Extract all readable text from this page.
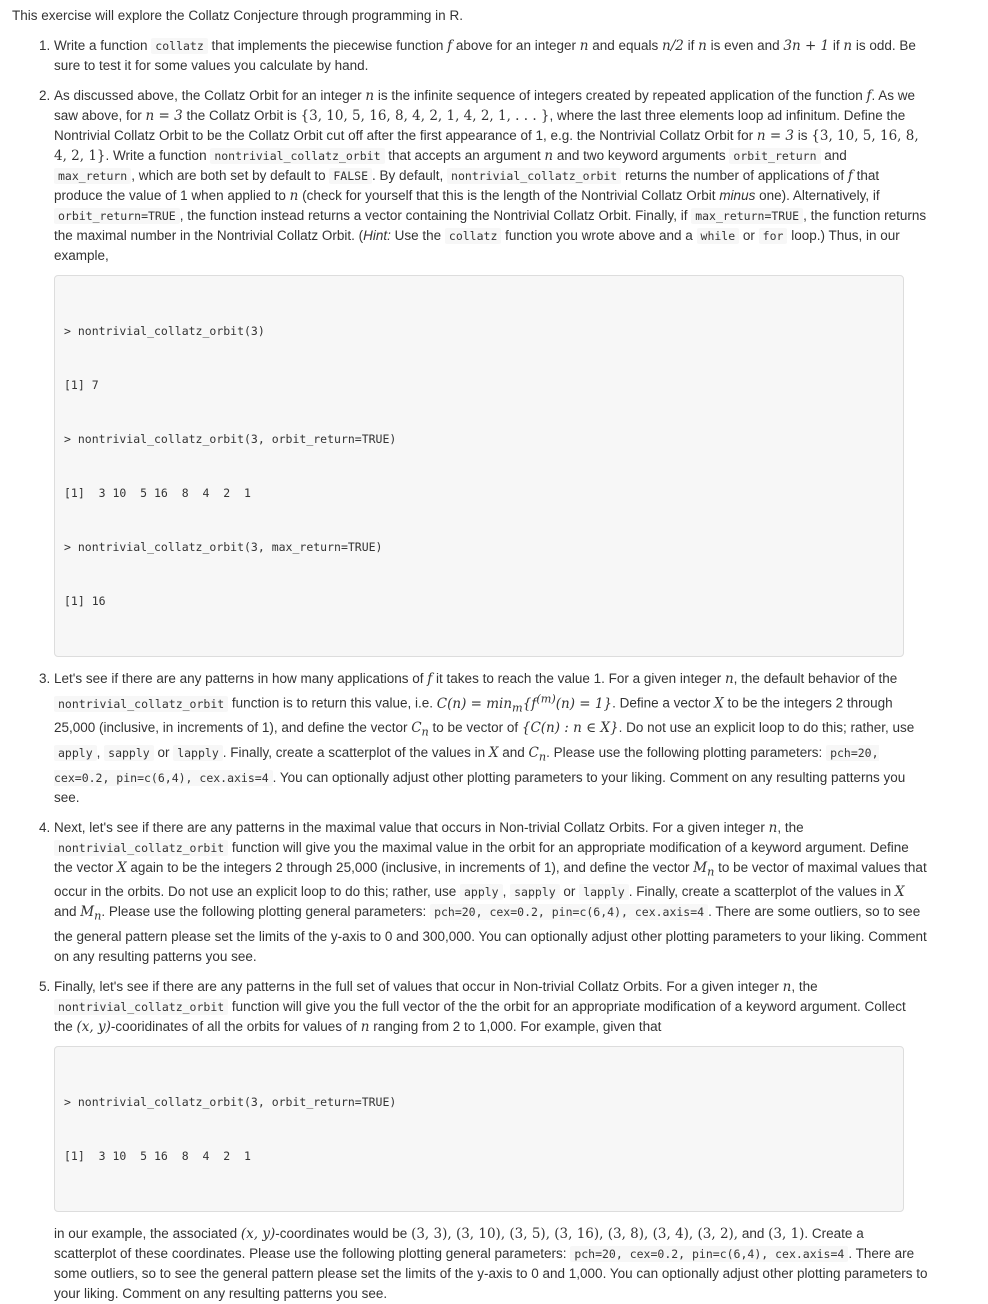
This exercise will explore the Collatz Conjecture through programming in R.

1. Write a function collatz that implements the piecewise function f above for an integer n and equals n/2 if n is even and 3n + 1 if n is odd. Be sure to test it for some values you calculate by hand.
2. As discussed above, the Collatz Orbit for an integer n is the infinite sequence of integers created by repeated application of the function f. As we saw above, for n = 3 the Collatz Orbit is {3, 10, 5, 16, 8, 4, 2, 1, 4, 2, 1, . . . }, where the last three elements loop ad infinitum. Define the Nontrivial Collatz Orbit to be the Collatz Orbit cut off after the first appearance of 1, e.g. the Nontrivial Collatz Orbit for n = 3 is {3, 10, 5, 16, 8, 4, 2, 1}. Write a function nontrivial_collatz_orbit that accepts an argument n and two keyword arguments orbit_return and max_return , which are both set by default to FALSE . By default, nontrivial_collatz_orbit returns the number of applications of f that produce the value of 1 when applied to n (check for yourself that this is the length of the Nontrivial Collatz Orbit minus one). Alternatively, if orbit_return=TRUE , the function instead returns a vector containing the Nontrivial Collatz Orbit. Finally, if max_return=TRUE , the function returns the maximal number in the Nontrivial Collatz Orbit. (Hint: Use the collatz function you wrote above and a while or for loop.) Thus, in our example,

> nontrivial_collatz_orbit(3)

[1] 7

> nontrivial_collatz_orbit(3, orbit_return=TRUE)

[1]  3 10  5 16  8  4  2  1

> nontrivial_collatz_orbit(3, max_return=TRUE)

[1] 16

3. Let's see if there are any patterns in how many applications of f it takes to reach the value 1. For a given integer n, the default behavior of the nontrivial_collatz_orbit function is to return this value, i.e. $C(n) = \min_m\{f^{(m)}(n) = 1\}$. Define a vector X to be the integers 2 through 25,000 (inclusive, in increments of 1), and define the vector $C_n$ to be vector of {C(n) : n ∈ X}. Do not use an explicit loop to do this; rather, use apply , sapply or lapply . Finally, create a scatterplot of the values in X and $C_n$. Please use the following plotting parameters: pch=20, cex=0.2, pin=c(6,4), cex.axis=4 . You can optionally adjust other plotting parameters to your liking. Comment on any resulting patterns you see.
4. Next, let's see if there are any patterns in the maximal value that occurs in Non-trivial Collatz Orbits. For a given integer n, the nontrivial_collatz_orbit function will give you the maximal value in the orbit for an appropriate modification of a keyword argument. Define the vector X again to be the integers 2 through 25,000 (inclusive, in increments of 1), and define the vector $M_n$ to be vector of maximal values that occur in the orbits. Do not use an explicit loop to do this; rather, use apply , sapply or lapply . Finally, create a scatterplot of the values in X and $M_n$. Please use the following plotting general parameters: pch=20, cex=0.2, pin=c(6,4), cex.axis=4 . There are some outliers, so to see the general pattern please set the limits of the y-axis to 0 and 300,000. You can optionally adjust other plotting parameters to your liking. Comment on any resulting patterns you see.
5. Finally, let's see if there are any patterns in the full set of values that occur in Non-trivial Collatz Orbits. For a given integer n, the nontrivial_collatz_orbit function will give you the full vector of the the orbit for an appropriate modification of a keyword argument. Collect the (x, y)-cooridinates of all the orbits for values of n ranging from 2 to 1,000. For example, given that

> nontrivial_collatz_orbit(3, orbit_return=TRUE)

[1]  3 10  5 16  8  4  2  1

in our example, the associated (x, y)-coordinates would be (3, 3), (3, 10), (3, 5), (3, 16), (3, 8), (3, 4), (3, 2), and (3, 1). Create a scatterplot of these coordinates. Please use the following plotting general parameters: pch=20, cex=0.2, pin=c(6,4), cex.axis=4 . There are some outliers, so to see the general pattern please set the limits of the y-axis to 0 and 1,000. You can optionally adjust other plotting parameters to your liking. Comment on any resulting patterns you see.
